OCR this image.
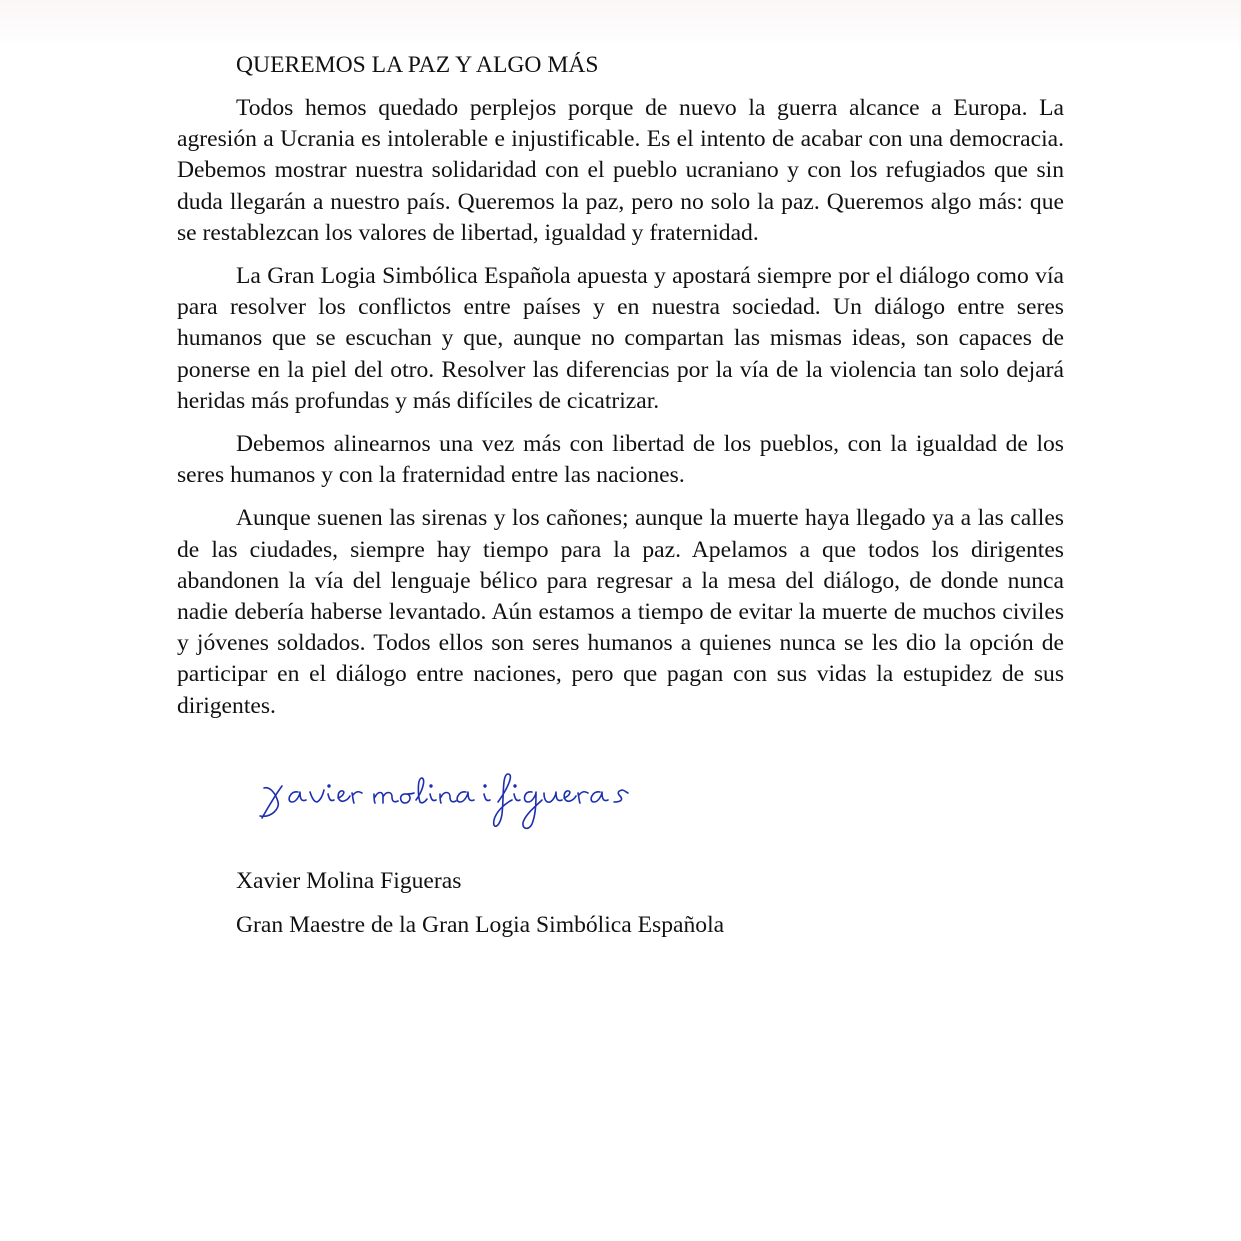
QUEREMOS LA PAZ Y ALGO MÁS

Todos hemos quedado perplejos porque de nuevo la guerra alcance a Europa. La agresión a Ucrania es intolerable e injustificable. Es el intento de acabar con una democracia. Debemos mostrar nuestra solidaridad con el pueblo ucraniano y con los refugiados que sin duda llegarán a nuestro país. Queremos la paz, pero no solo la paz. Queremos algo más: que se restablezcan los valores de libertad, igualdad y fraternidad.

La Gran Logia Simbólica Española apuesta y apostará siempre por el diálogo como vía para resolver los conflictos entre países y en nuestra sociedad. Un diálogo entre seres humanos que se escuchan y que, aunque no compartan las mismas ideas, son capaces de ponerse en la piel del otro. Resolver las diferencias por la vía de la violencia tan solo dejará heridas más profundas y más difíciles de cicatrizar.

Debemos alinearnos una vez más con libertad de los pueblos, con la igualdad de los seres humanos y con la fraternidad entre las naciones.

Aunque suenen las sirenas y los cañones; aunque la muerte haya llegado ya a las calles de las ciudades, siempre hay tiempo para la paz. Apelamos a que todos los dirigentes abandonen la vía del lenguaje bélico para regresar a la mesa del diálogo, de donde nunca nadie debería haberse levantado. Aún estamos a tiempo de evitar la muerte de muchos civiles y jóvenes soldados. Todos ellos son seres humanos a quienes nunca se les dio la opción de participar en el diálogo entre naciones, pero que pagan con sus vidas la estupidez de sus dirigentes.

Xavier Molina Figueras
Gran Maestre de la Gran Logia Simbólica Española
